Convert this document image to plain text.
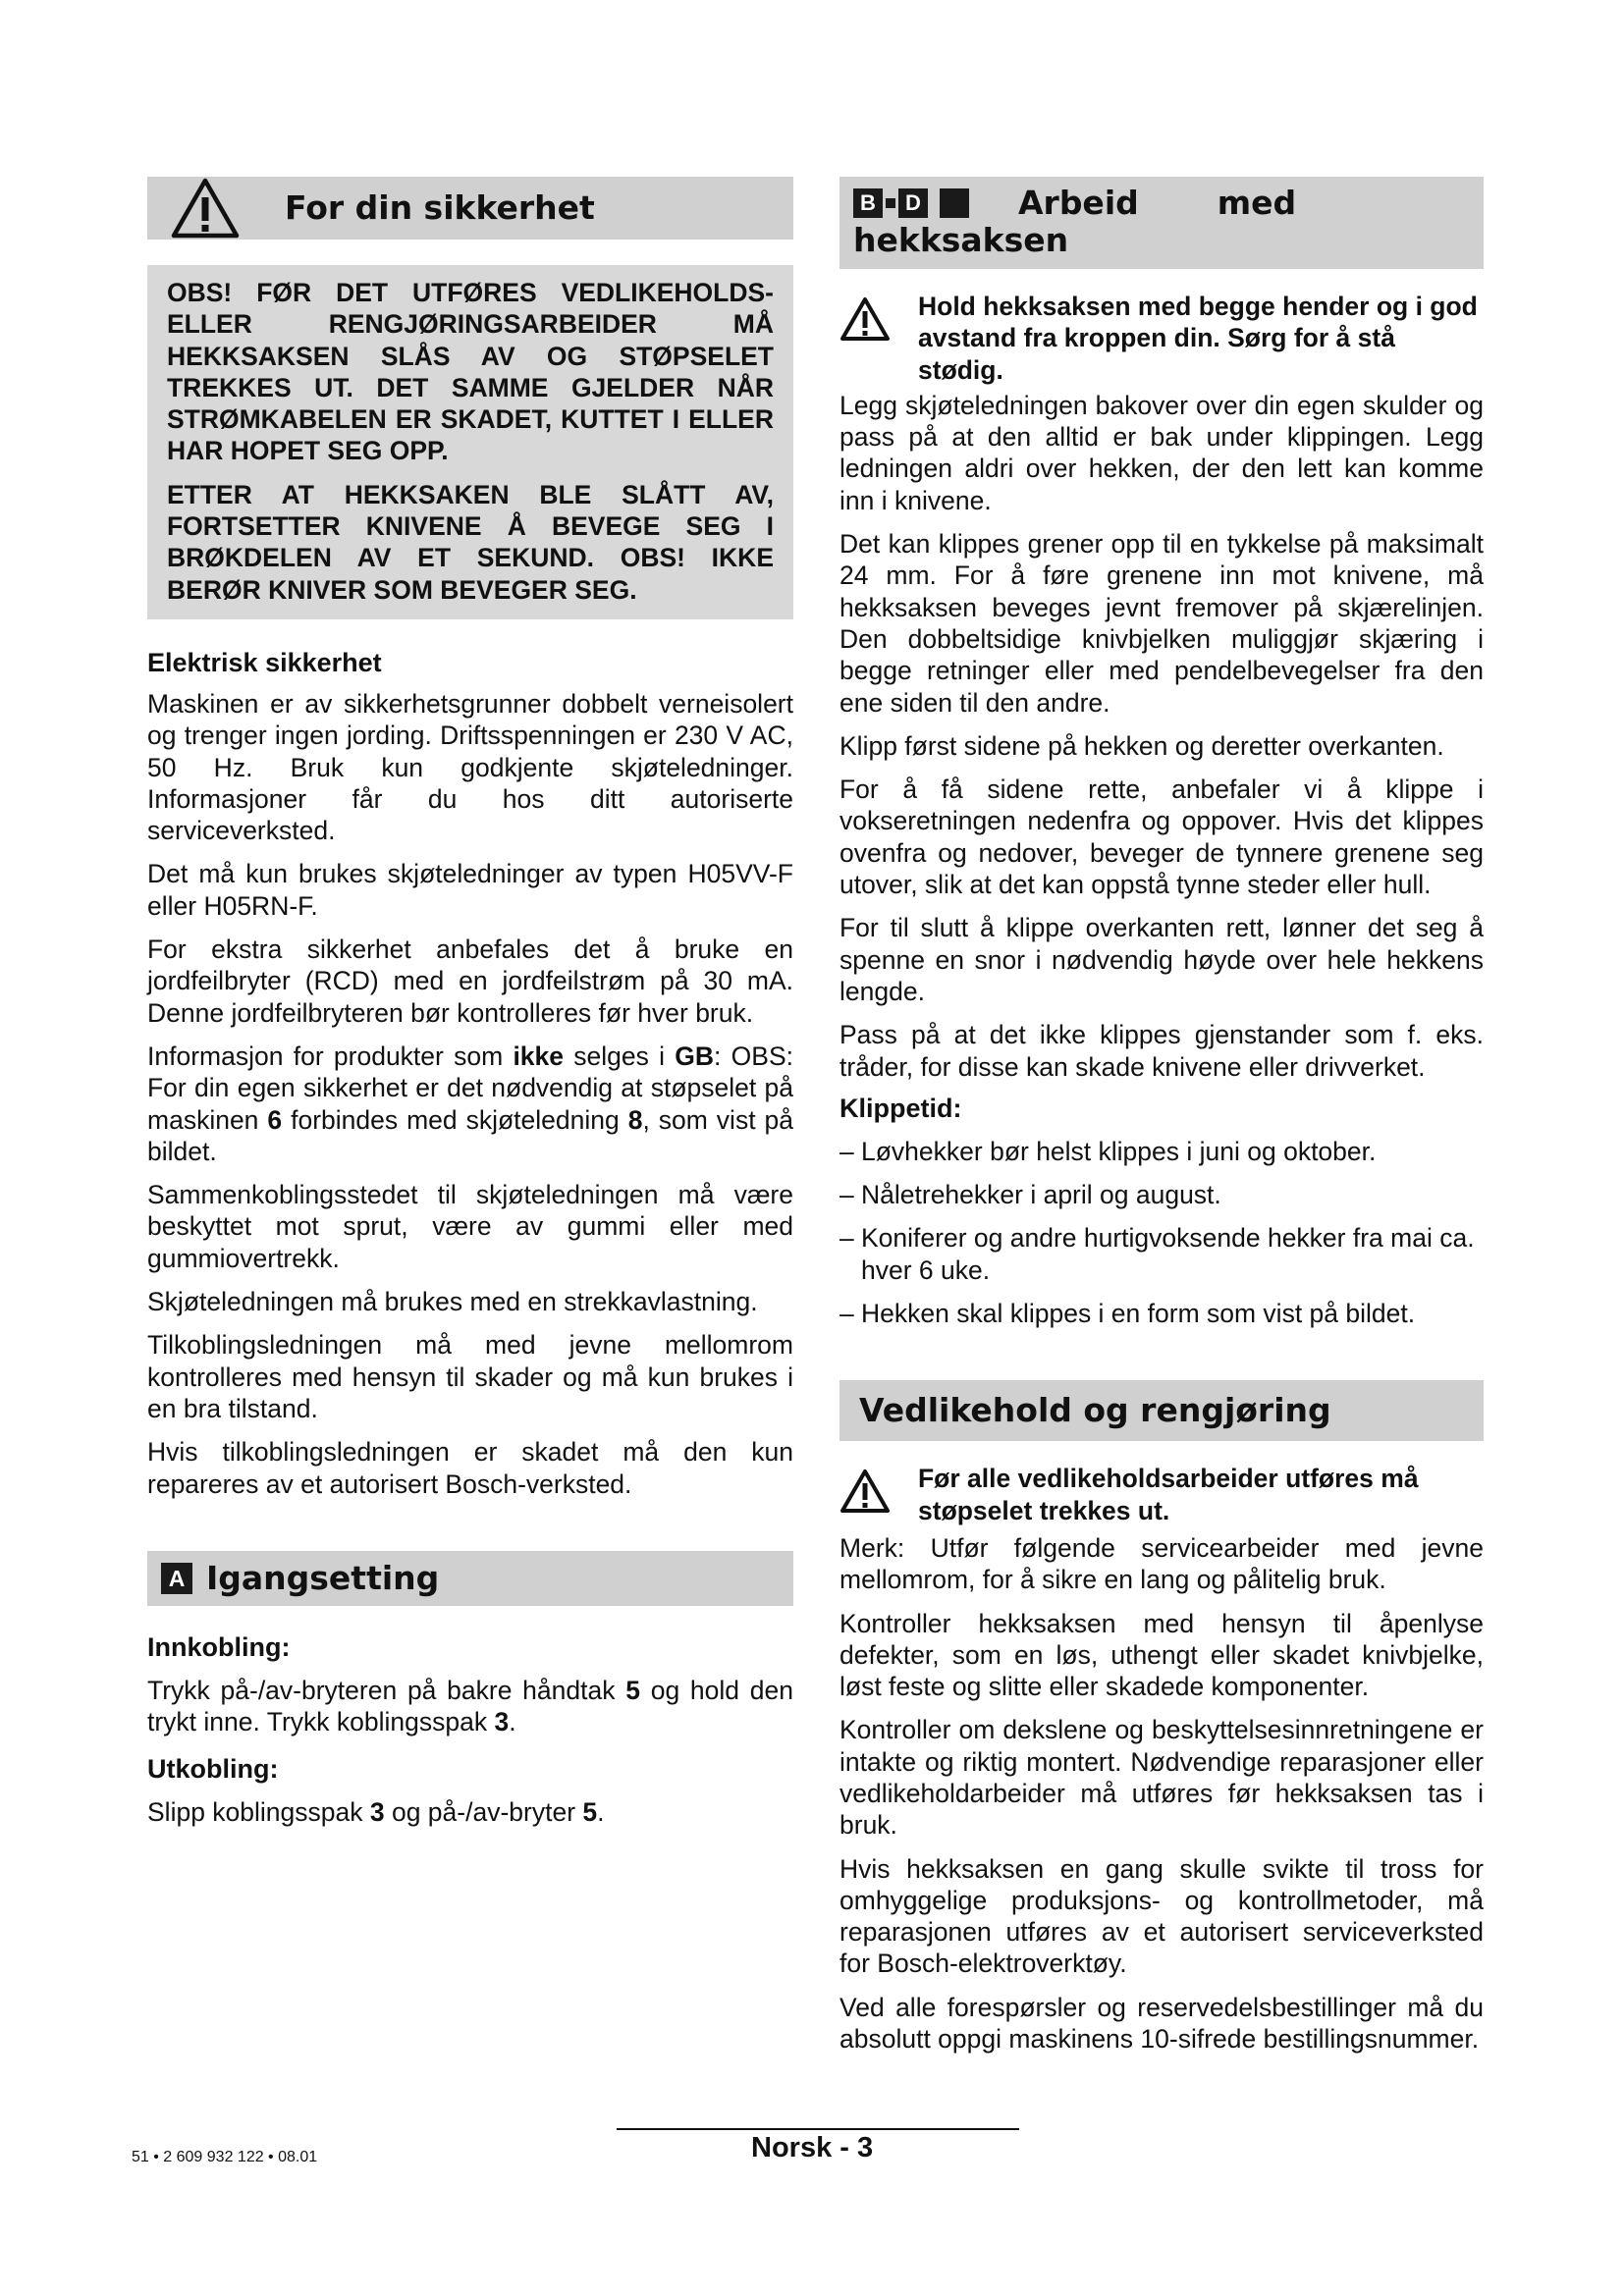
For din sikkerhet

OBS! FØR DET UTFØRES VEDLIKEHOLDS- ELLER RENGJØRINGSARBEIDER MÅ HEKKSAKSEN SLÅS AV OG STØPSELET TREKKES UT. DET SAMME GJELDER NÅR STRØMKABELEN ER SKADET, KUTTET I ELLER HAR HOPET SEG OPP.

ETTER AT HEKKSAKEN BLE SLÅTT AV, FORTSETTER KNIVENE Å BEVEGE SEG I BRØKDELEN AV ET SEKUND. OBS! IKKE BERØR KNIVER SOM BEVEGER SEG.

Elektrisk sikkerhet

Maskinen er av sikkerhetsgrunner dobbelt verneisolert og trenger ingen jording. Driftsspenningen er 230 V AC, 50 Hz. Bruk kun godkjente skjøteledninger. Informasjoner får du hos ditt autoriserte serviceverksted.

Det må kun brukes skjøteledninger av typen H05VV-F eller H05RN-F.

For ekstra sikkerhet anbefales det å bruke en jordfeilbryter (RCD) med en jordfeilstrøm på 30 mA. Denne jordfeilbryteren bør kontrolleres før hver bruk.

Informasjon for produkter som ikke selges i GB: OBS: For din egen sikkerhet er det nødvendig at støpselet på maskinen 6 forbindes med skjøteledning 8, som vist på bildet.

Sammenkoblingsstedet til skjøteledningen må være beskyttet mot sprut, være av gummi eller med gummiovertrekk.

Skjøteledningen må brukes med en strekkavlastning.

Tilkoblingsledningen må med jevne mellomrom kontrolleres med hensyn til skader og må kun brukes i en bra tilstand.

Hvis tilkoblingsledningen er skadet må den kun repareres av et autorisert Bosch-verksted.

A Igangsetting
Innkobling:

Trykk på-/av-bryteren på bakre håndtak 5 og hold den trykt inne. Trykk koblingsspak 3.

Utkobling:

Slipp koblingsspak 3 og på-/av-bryter 5.

B	D	Arbeid med
hekksaksen
Hold hekksaksen med begge hender og i god avstand fra kroppen din. Sørg for å stå stødig.

Legg skjøteledningen bakover over din egen skulder og pass på at den alltid er bak under klippingen. Legg ledningen aldri over hekken, der den lett kan komme inn i knivene.

Det kan klippes grener opp til en tykkelse på maksimalt 24 mm. For å føre grenene inn mot knivene, må hekksaksen beveges jevnt fremover på skjærelinjen. Den dobbeltsidige knivbjelken muliggjør skjæring i begge retninger eller med pendelbevegelser fra den ene siden til den andre.

Klipp først sidene på hekken og deretter overkanten.

For å få sidene rette, anbefaler vi å klippe i vokseretningen nedenfra og oppover. Hvis det klippes ovenfra og nedover, beveger de tynnere grenene seg utover, slik at det kan oppstå tynne steder eller hull.

For til slutt å klippe overkanten rett, lønner det seg å spenne en snor i nødvendig høyde over hele hekkens lengde.

Pass på at det ikke klippes gjenstander som f. eks. tråder, for disse kan skade knivene eller drivverket.

Klippetid:
– Løvhekker bør helst klippes i juni og oktober.
– Nåletrehekker i april og august.
– Koniferer og andre hurtigvoksende hekker fra mai ca. hver 6 uke.
– Hekken skal klippes i en form som vist på bildet.
Vedlikehold og rengjøring
Før alle vedlikeholdsarbeider utføres må støpselet trekkes ut.

Merk: Utfør følgende servicearbeider med jevne mellomrom, for å sikre en lang og pålitelig bruk.

Kontroller hekksaksen med hensyn til åpenlyse defekter, som en løs, uthengt eller skadet knivbjelke, løst feste og slitte eller skadede komponenter.

Kontroller om dekslene og beskyttelsesinnretningene er intakte og riktig montert. Nødvendige reparasjoner eller vedlikeholdarbeider må utføres før hekksaksen tas i bruk.

Hvis hekksaksen en gang skulle svikte til tross for omhyggelige produksjons- og kontrollmetoder, må reparasjonen utføres av et autorisert serviceverksted for Bosch-elektroverktøy.

Ved alle forespørsler og reservedelsbestillinger må du absolutt oppgi maskinens 10-sifrede bestillingsnummer.

51 • 2 609 932 122 • 08.01	Norsk - 3
